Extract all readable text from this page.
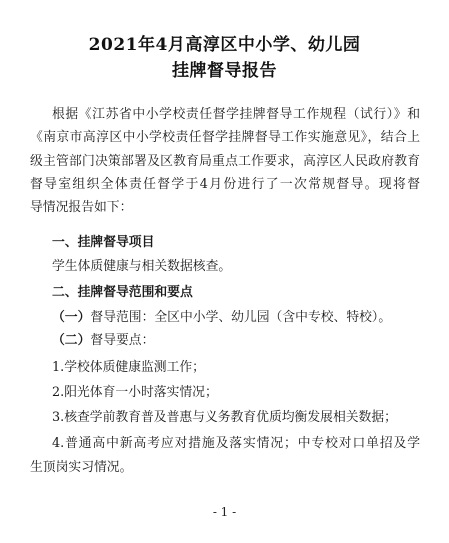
2021年4月高淳区中小学、幼儿园
挂牌督导报告
根据《江苏省中小学校责任督学挂牌督导工作规程（试行）》和
《南京市高淳区中小学校责任督学挂牌督导工作实施意见》，结合上
级主管部门决策部署及区教育局重点工作要求，高淳区人民政府教育
督导室组织全体责任督学于4月份进行了一次常规督导。现将督
导情况报告如下：
一、挂牌督导项目
学生体质健康与相关数据核查。
二、挂牌督导范围和要点
（一）督导范围：全区中小学、幼儿园（含中专校、特校）。
（二）督导要点：
1.学校体质健康监测工作；
2.阳光体育一小时落实情况；
3.核查学前教育普及普惠与义务教育优质均衡发展相关数据；
4.普通高中新高考应对措施及落实情况；中专校对口单招及学
生顶岗实习情况。
- 1 -
